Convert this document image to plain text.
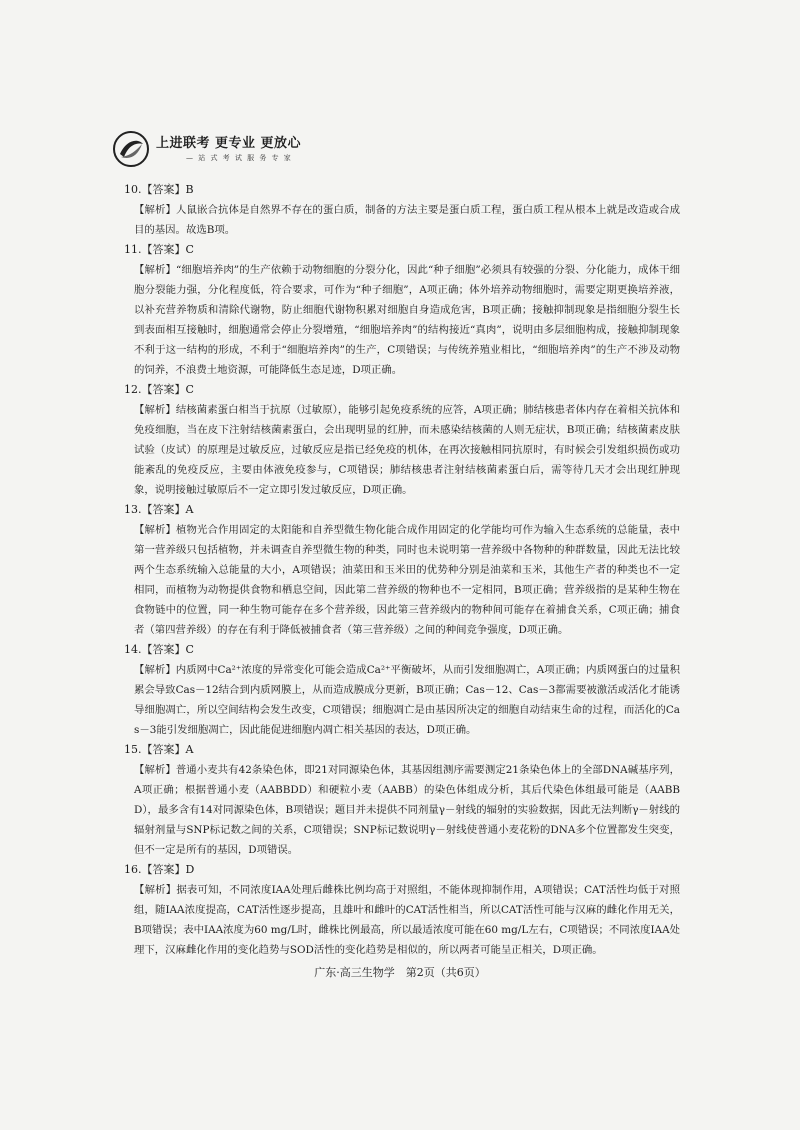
上进联考 更专业 更放心
— 站 式 考 试 服 务 专 家

10.【答案】B

【解析】人鼠嵌合抗体是自然界不存在的蛋白质，制备的方法主要是蛋白质工程，蛋白质工程从根本上就是改造或合成目的基因。故选B项。

11.【答案】C

【解析】“细胞培养肉”的生产依赖于动物细胞的分裂分化，因此“种子细胞”必须具有较强的分裂、分化能力，成体干细胞分裂能力强，分化程度低，符合要求，可作为“种子细胞”，A项正确；体外培养动物细胞时，需要定期更换培养液，以补充营养物质和清除代谢物，防止细胞代谢物积累对细胞自身造成危害，B项正确；接触抑制现象是指细胞分裂生长到表面相互接触时，细胞通常会停止分裂增殖，“细胞培养肉”的结构接近“真肉”，说明由多层细胞构成，接触抑制现象不利于这一结构的形成，不利于“细胞培养肉”的生产，C项错误；与传统养殖业相比，“细胞培养肉”的生产不涉及动物的饲养，不浪费土地资源，可能降低生态足迹，D项正确。

12.【答案】C

【解析】结核菌素蛋白相当于抗原（过敏原），能够引起免疫系统的应答，A项正确；肺结核患者体内存在着相关抗体和免疫细胞，当在皮下注射结核菌素蛋白，会出现明显的红肿，而未感染结核菌的人则无症状，B项正确；结核菌素皮肤试验（皮试）的原理是过敏反应，过敏反应是指已经免疫的机体，在再次接触相同抗原时，有时候会引发组织损伤或功能紊乱的免疫反应，主要由体液免疫参与，C项错误；肺结核患者注射结核菌素蛋白后，需等待几天才会出现红肿现象，说明接触过敏原后不一定立即引发过敏反应，D项正确。

13.【答案】A

【解析】植物光合作用固定的太阳能和自养型微生物化能合成作用固定的化学能均可作为输入生态系统的总能量，表中第一营养级只包括植物，并未调查自养型微生物的种类，同时也未说明第一营养级中各物种的种群数量，因此无法比较两个生态系统输入总能量的大小，A项错误；油菜田和玉米田的优势种分别是油菜和玉米，其他生产者的种类也不一定相同，而植物为动物提供食物和栖息空间，因此第二营养级的物种也不一定相同，B项正确；营养级指的是某种生物在食物链中的位置，同一种生物可能存在多个营养级，因此第三营养级内的物种间可能存在着捕食关系，C项正确；捕食者（第四营养级）的存在有利于降低被捕食者（第三营养级）之间的种间竞争强度，D项正确。

14.【答案】C

【解析】内质网中Ca²⁺浓度的异常变化可能会造成Ca²⁺平衡破坏，从而引发细胞凋亡，A项正确；内质网蛋白的过量积累会导致Cas－12结合到内质网膜上，从而造成膜成分更新，B项正确；Cas－12、Cas－3都需要被激活或活化才能诱导细胞凋亡，所以空间结构会发生改变，C项错误；细胞凋亡是由基因所决定的细胞自动结束生命的过程，而活化的Cas－3能引发细胞凋亡，因此能促进细胞内凋亡相关基因的表达，D项正确。

15.【答案】A

【解析】普通小麦共有42条染色体，即21对同源染色体，其基因组测序需要测定21条染色体上的全部DNA碱基序列，A项正确；根据普通小麦（AABBDD）和硬粒小麦（AABB）的染色体组成分析，其后代染色体组最可能是（AABBD），最多含有14对同源染色体，B项错误；题目并未提供不同剂量γ－射线的辐射的实验数据，因此无法判断γ－射线的辐射剂量与SNP标记数之间的关系，C项错误；SNP标记数说明γ－射线使普通小麦花粉的DNA多个位置都发生突变，但不一定是所有的基因，D项错误。

16.【答案】D

【解析】据表可知，不同浓度IAA处理后雌株比例均高于对照组，不能体现抑制作用，A项错误；CAT活性均低于对照组，随IAA浓度提高，CAT活性逐步提高，且雄叶和雌叶的CAT活性相当，所以CAT活性可能与汉麻的雌化作用无关，B项错误；表中IAA浓度为60 mg/L时，雌株比例最高，所以最适浓度可能在60 mg/L左右，C项错误；不同浓度IAA处理下，汉麻雌化作用的变化趋势与SOD活性的变化趋势是相似的，所以两者可能呈正相关，D项正确。

广东·高三生物学　第2页（共6页）
